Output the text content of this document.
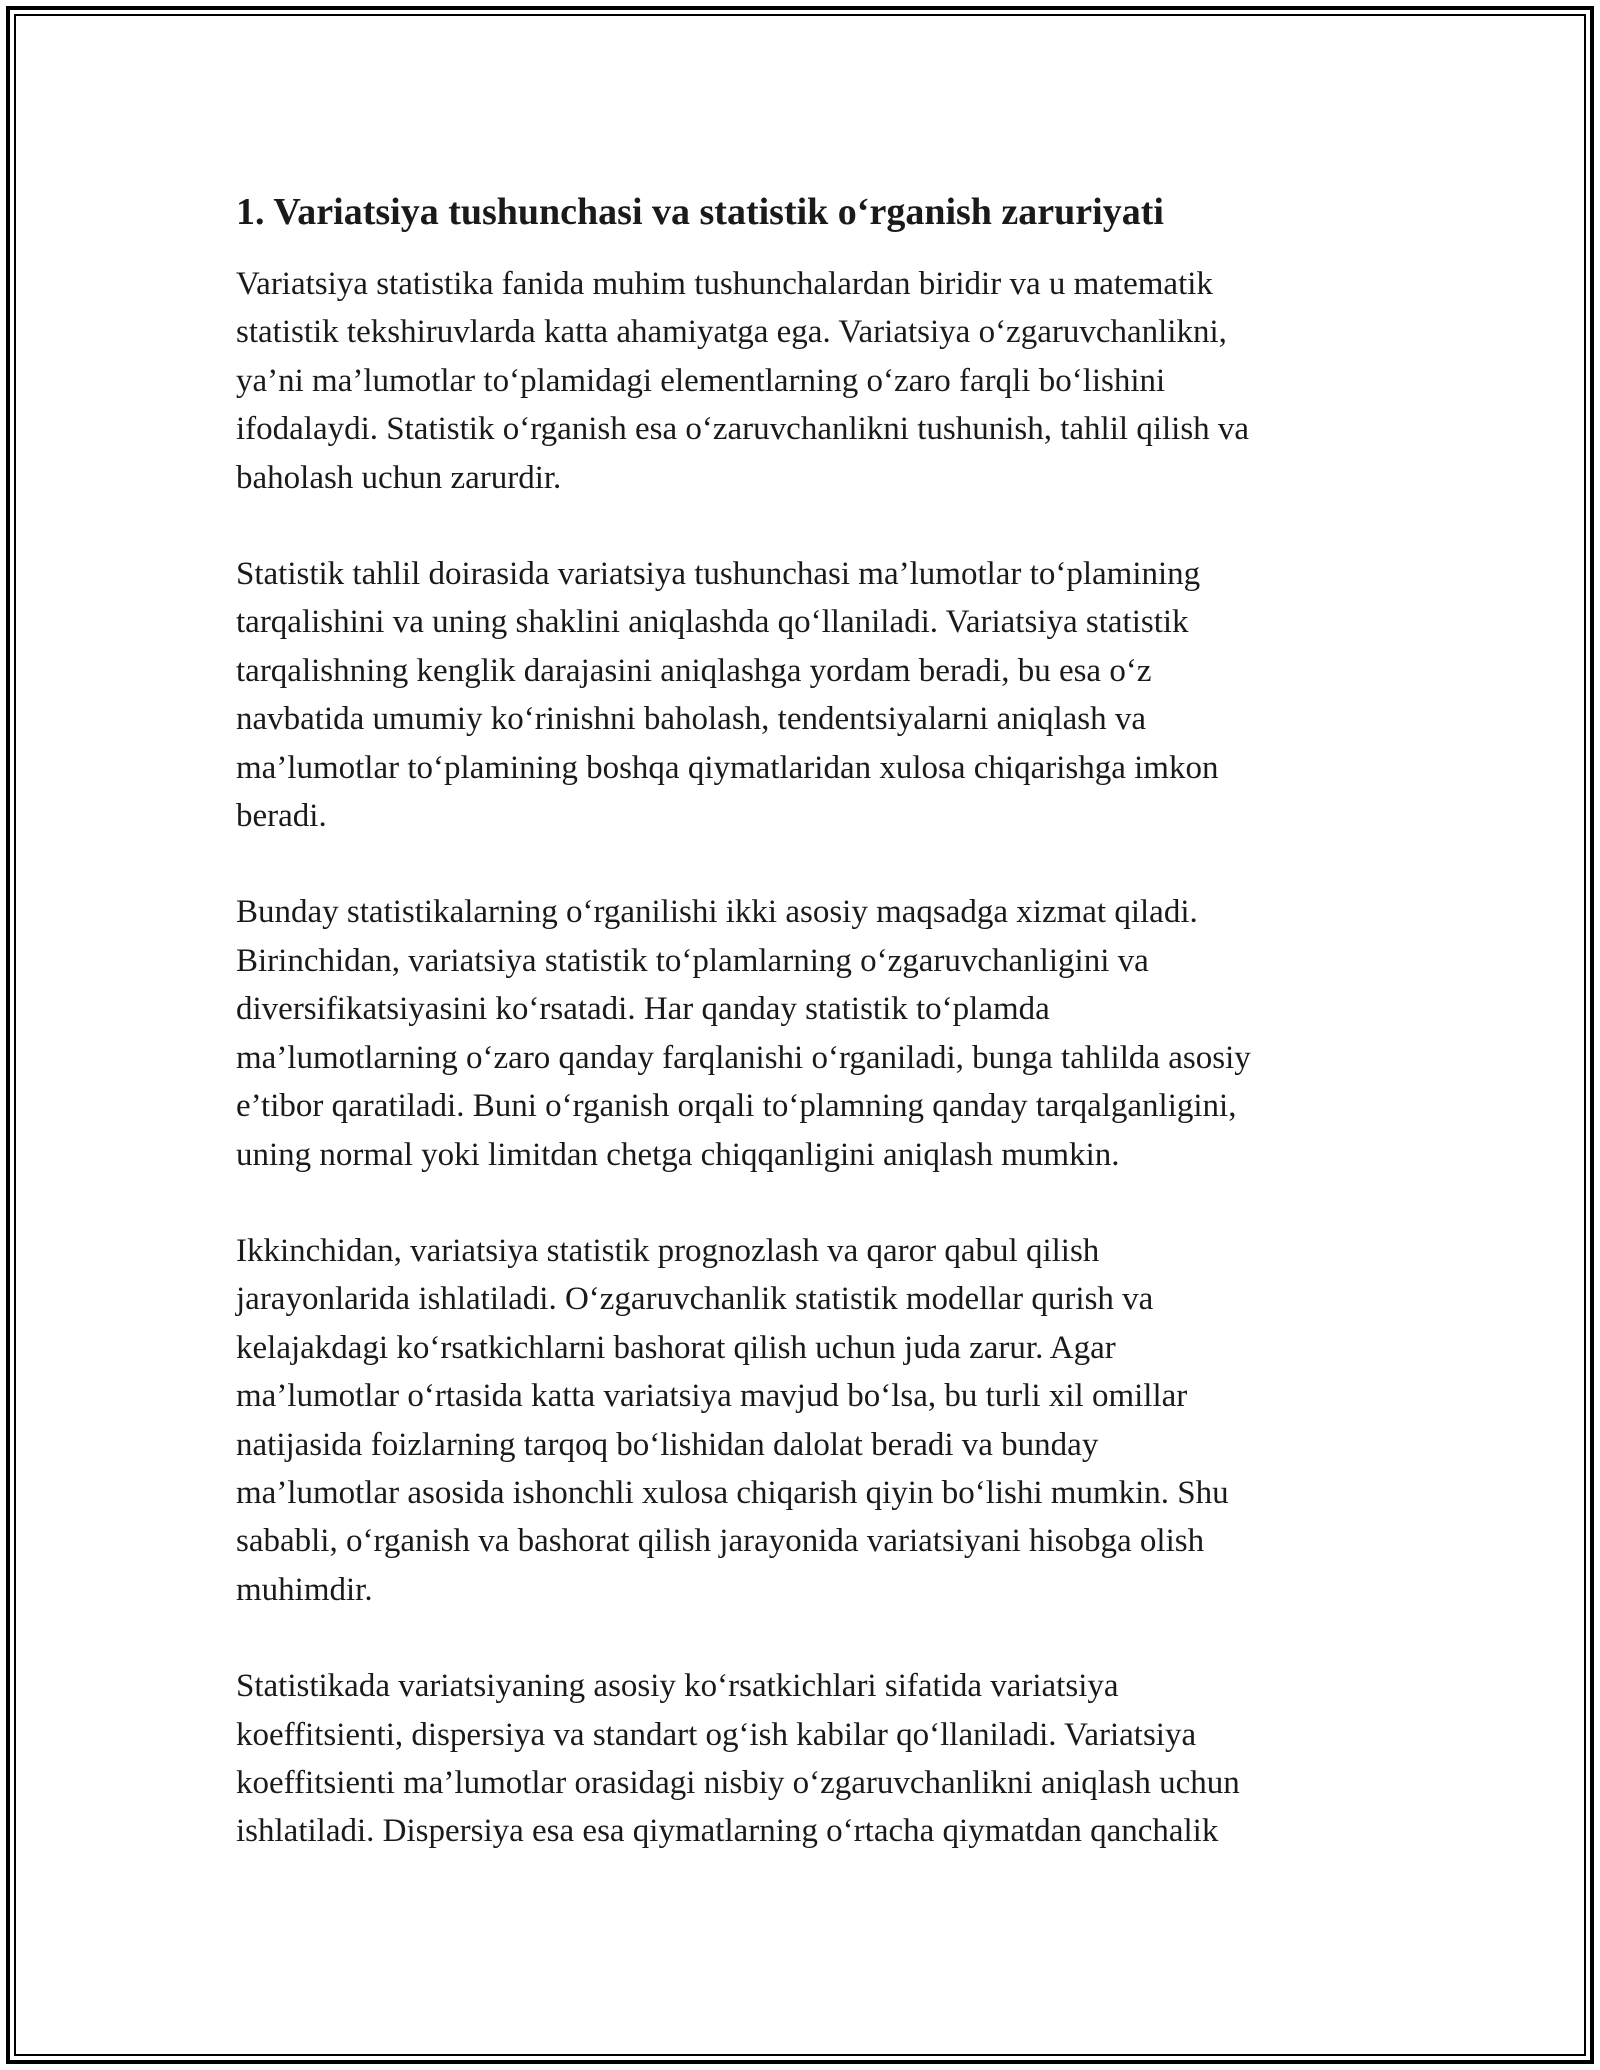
1. Variatsiya tushunchasi va statistik o‘rganish zaruriyati

Variatsiya statistika fanida muhim tushunchalardan biridir va u matematik
statistik tekshiruvlarda katta ahamiyatga ega. Variatsiya o‘zgaruvchanlikni,
ya’ni ma’lumotlar to‘plamidagi elementlarning o‘zaro farqli bo‘lishini
ifodalaydi. Statistik o‘rganish esa o‘zaruvchanlikni tushunish, tahlil qilish va
baholash uchun zarurdir.

Statistik tahlil doirasida variatsiya tushunchasi ma’lumotlar to‘plamining
tarqalishini va uning shaklini aniqlashda qo‘llaniladi. Variatsiya statistik
tarqalishning kenglik darajasini aniqlashga yordam beradi, bu esa o‘z
navbatida umumiy ko‘rinishni baholash, tendentsiyalarni aniqlash va
ma’lumotlar to‘plamining boshqa qiymatlaridan xulosa chiqarishga imkon
beradi.

Bunday statistikalarning o‘rganilishi ikki asosiy maqsadga xizmat qiladi.
Birinchidan, variatsiya statistik to‘plamlarning o‘zgaruvchanligini va
diversifikatsiyasini ko‘rsatadi. Har qanday statistik to‘plamda
ma’lumotlarning o‘zaro qanday farqlanishi o‘rganiladi, bunga tahlilda asosiy
e’tibor qaratiladi. Buni o‘rganish orqali to‘plamning qanday tarqalganligini,
uning normal yoki limitdan chetga chiqqanligini aniqlash mumkin.

Ikkinchidan, variatsiya statistik prognozlash va qaror qabul qilish
jarayonlarida ishlatiladi. O‘zgaruvchanlik statistik modellar qurish va
kelajakdagi ko‘rsatkichlarni bashorat qilish uchun juda zarur. Agar
ma’lumotlar o‘rtasida katta variatsiya mavjud bo‘lsa, bu turli xil omillar
natijasida foizlarning tarqoq bo‘lishidan dalolat beradi va bunday
ma’lumotlar asosida ishonchli xulosa chiqarish qiyin bo‘lishi mumkin. Shu
sababli, o‘rganish va bashorat qilish jarayonida variatsiyani hisobga olish
muhimdir.

Statistikada variatsiyaning asosiy ko‘rsatkichlari sifatida variatsiya
koeffitsienti, dispersiya va standart og‘ish kabilar qo‘llaniladi. Variatsiya
koeffitsienti ma’lumotlar orasidagi nisbiy o‘zgaruvchanlikni aniqlash uchun
ishlatiladi. Dispersiya esa esa qiymatlarning o‘rtacha qiymatdan qanchalik
